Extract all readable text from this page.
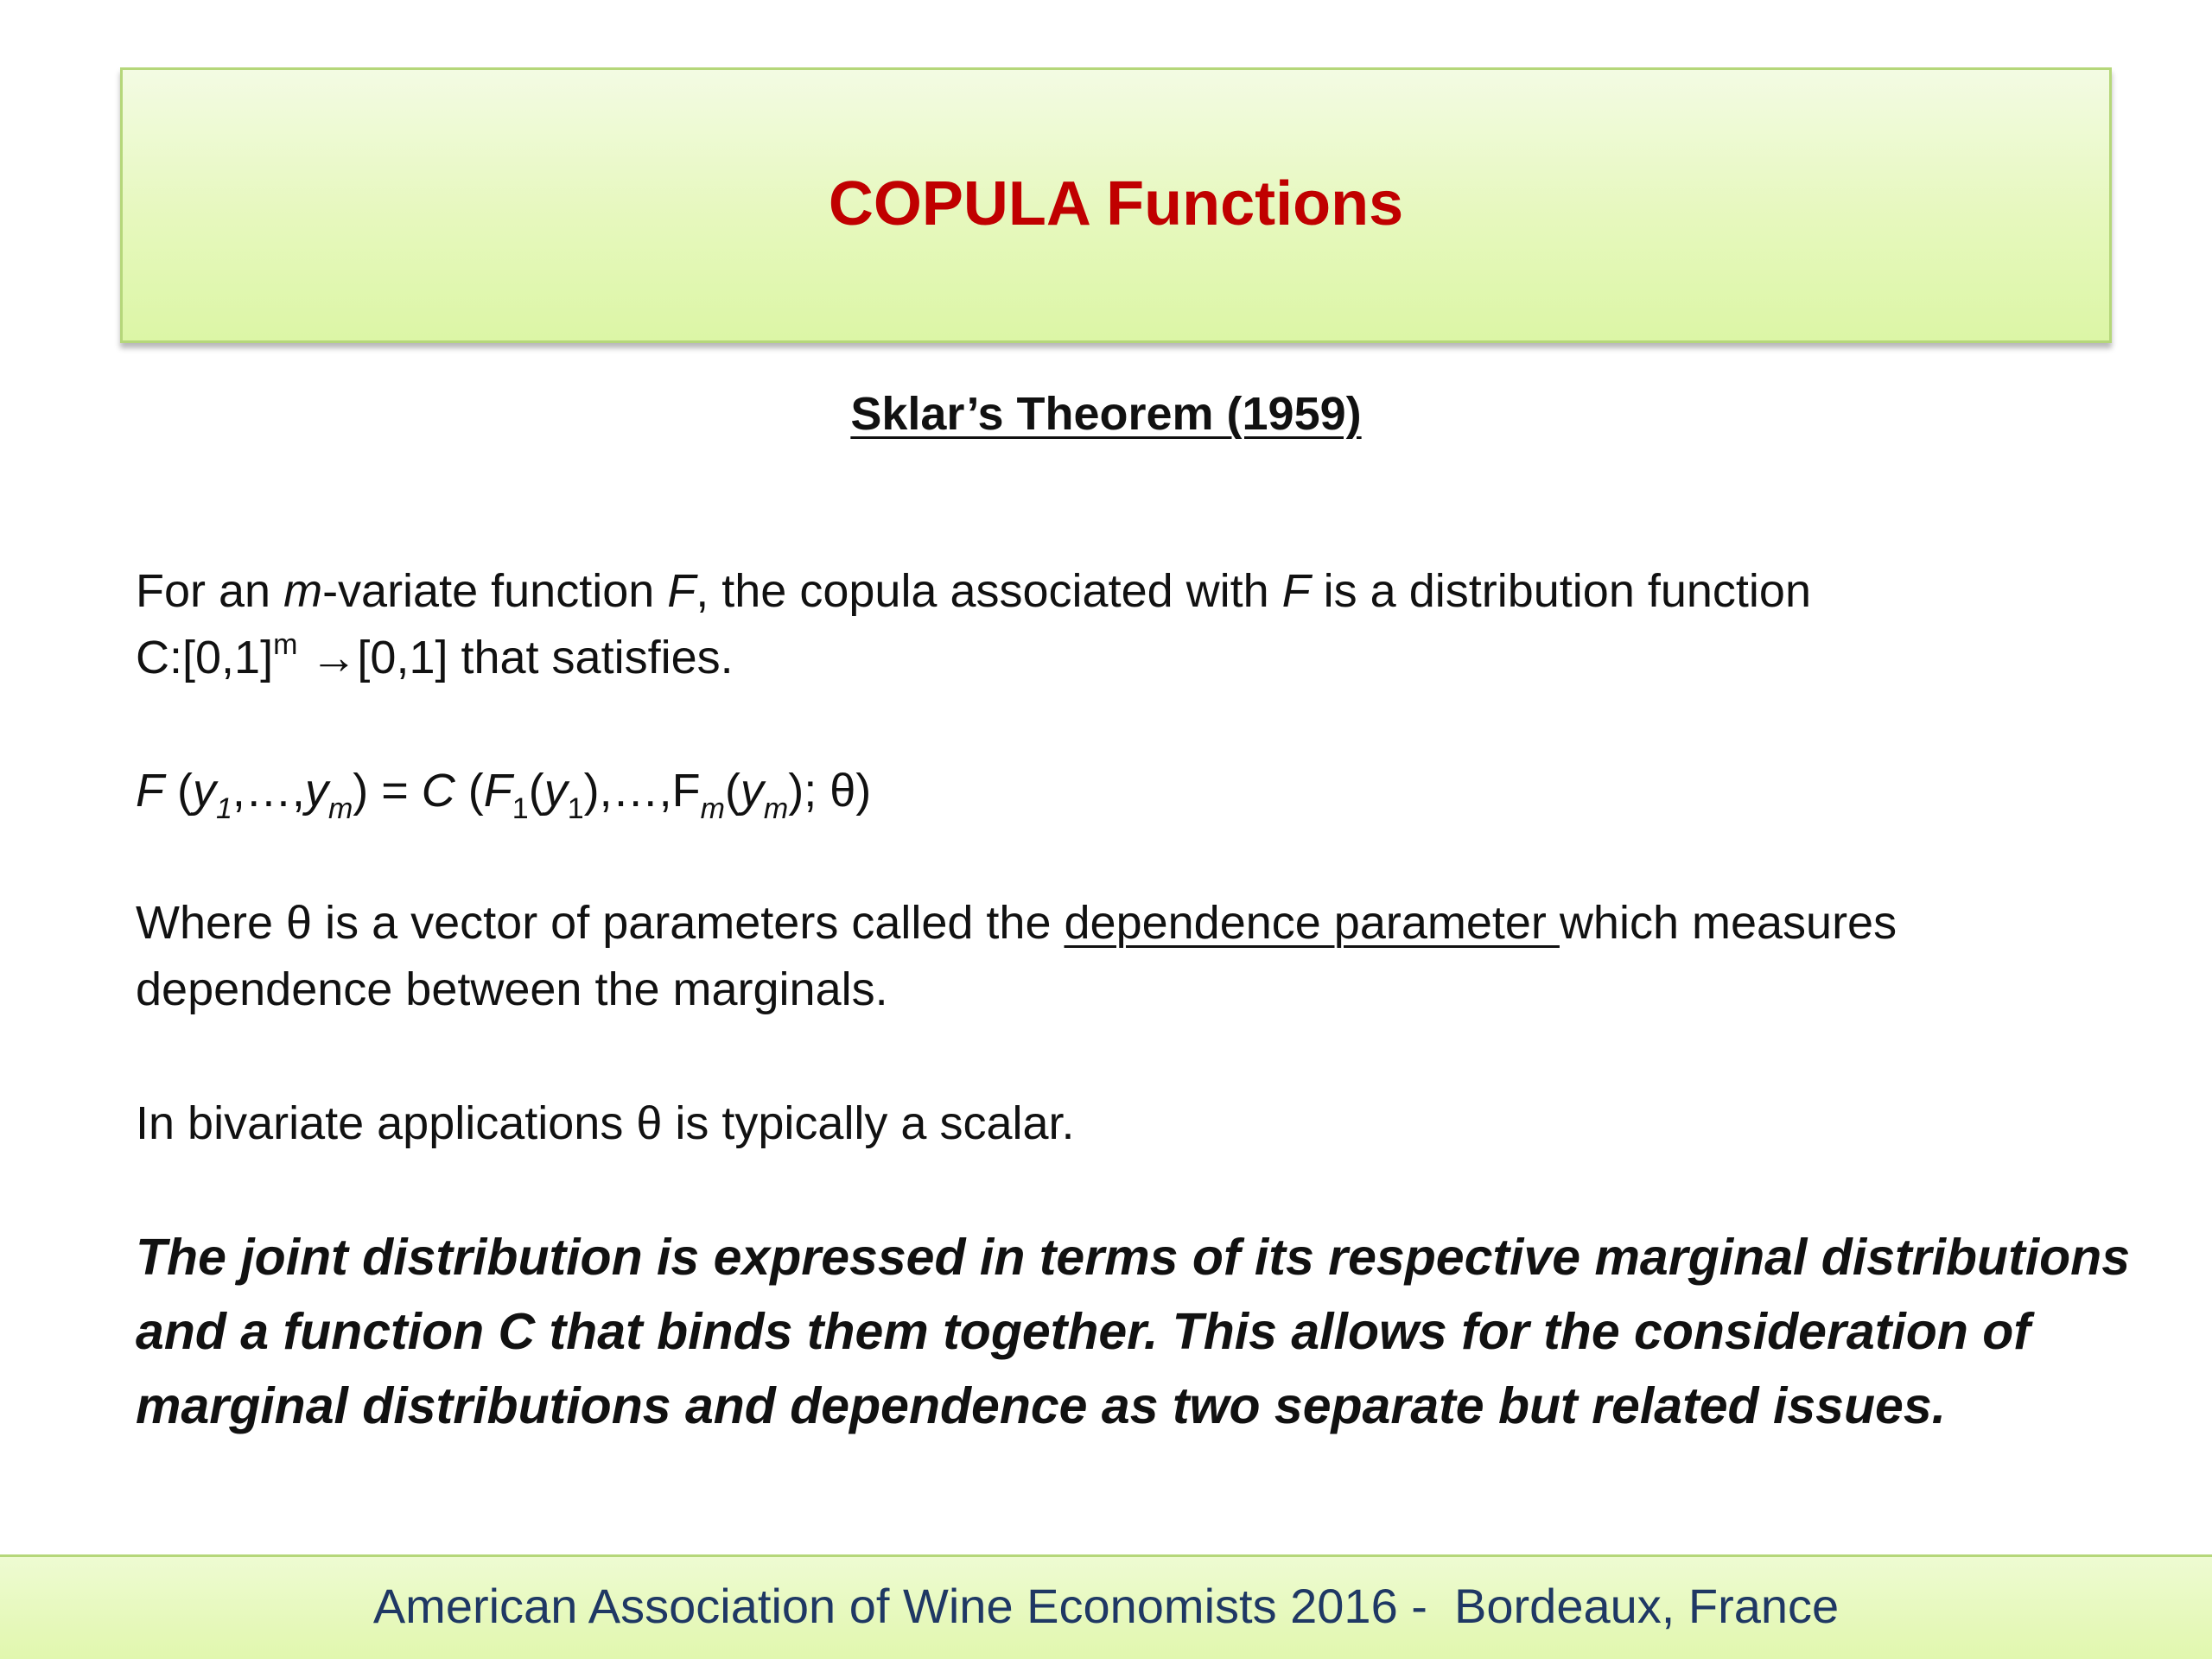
COPULA Functions
Sklar’s Theorem (1959)
For an m-variate function F, the copula associated with F is a distribution function
$C:[0,1]^m \to[0,1]$ that satisfies.
F $(y_1,\dots,y_m) = C$ ($F_1(y_1),\dots,F_m(y_m)$; θ)
Where θ is a vector of parameters called the dependence parameter which measures
dependence between the marginals.
In bivariate applications θ is typically a scalar.
The joint distribution is expressed in terms of its respective marginal distributions and a function C that binds them together. This allows for the consideration of marginal distributions and dependence as two separate but related issues.
American Association of Wine Economists 2016 -  Bordeaux, France
